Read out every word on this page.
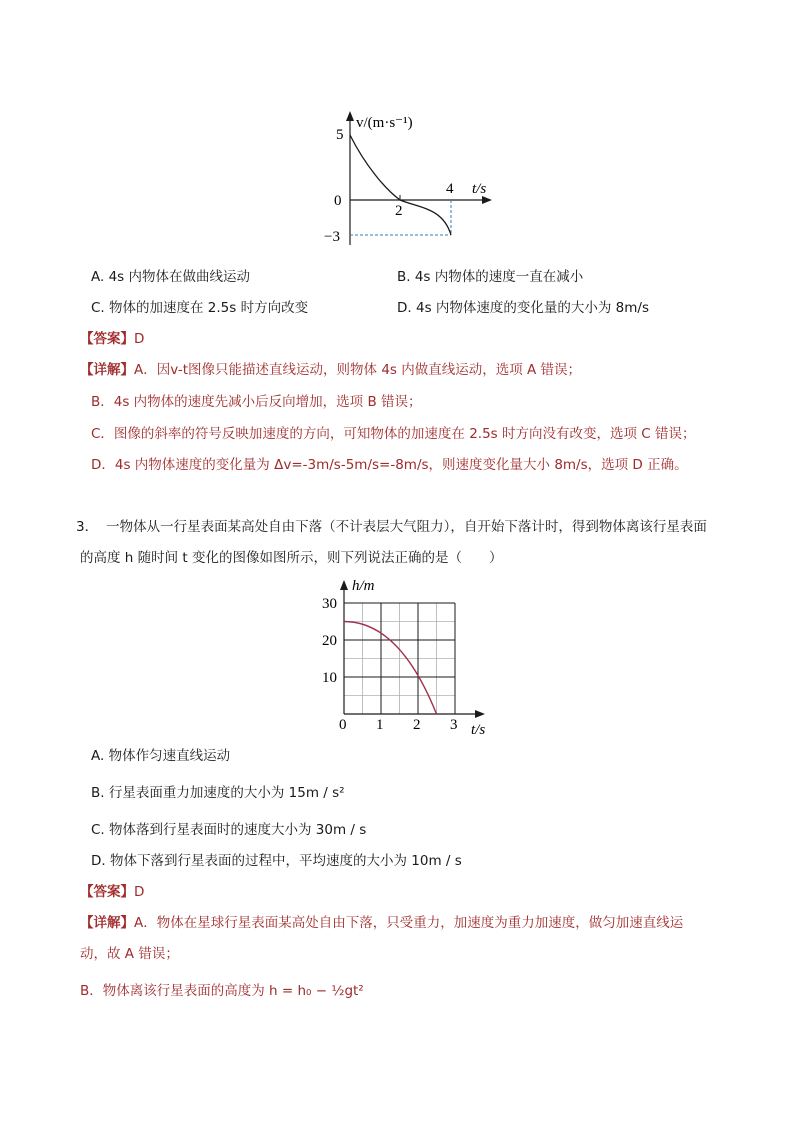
v/(m·s⁻¹)
t/s
5
0
−3
2
4
A. 4s 内物体在做曲线运动	B. 4s 内物体的速度一直在减小
C. 物体的加速度在 2.5s 时方向改变	D. 4s 内物体速度的变化量的大小为 8m/s
【答案】D
【详解】A．因v-t图像只能描述直线运动，则物体 4s 内做直线运动，选项 A 错误；
B．4s 内物体的速度先减小后反向增加，选项 B 错误；
C．图像的斜率的符号反映加速度的方向，可知物体的加速度在 2.5s 时方向没有改变，选项 C 错误；
D．4s 内物体速度的变化量为 Δv=-3m/s-5m/s=-8m/s，则速度变化量大小 8m/s，选项 D 正确。
3． 一物体从一行星表面某高处自由下落（不计表层大气阻力），自开始下落计时，得到物体离该行星表面
的高度 h 随时间 t 变化的图像如图所示，则下列说法正确的是（　　）
h/m
t/s
30
20
10
0 1 2 3
A. 物体作匀速直线运动
B. 行星表面重力加速度的大小为 15m / s²
C. 物体落到行星表面时的速度大小为 30m / s
D. 物体下落到行星表面的过程中，平均速度的大小为 10m / s
【答案】D
【详解】A．物体在星球行星表面某高处自由下落，只受重力，加速度为重力加速度，做匀加速直线运
动，故 A 错误；
B．物体离该行星表面的高度为 h = h₀ − ½gt²
